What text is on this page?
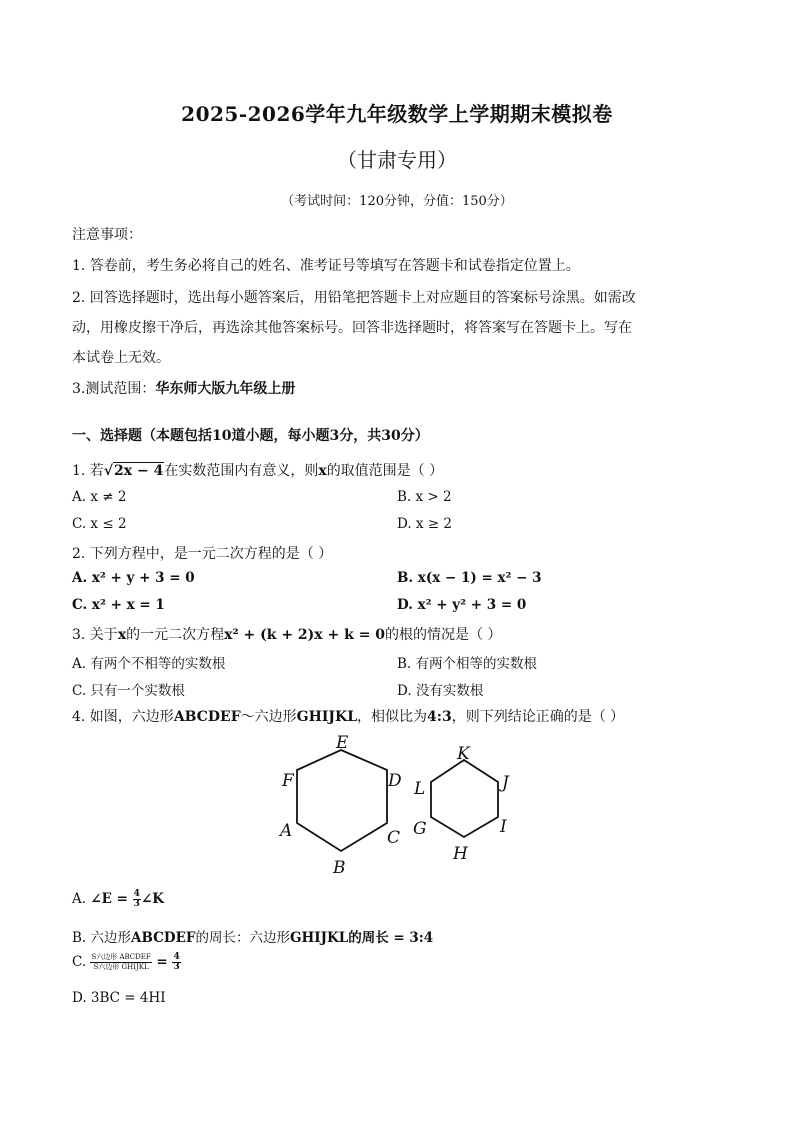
2025-2026学年九年级数学上学期期末模拟卷
（甘肃专用）
（考试时间：120分钟，分值：150分）
注意事项：
1. 答卷前，考生务必将自己的姓名、准考证号等填写在答题卡和试卷指定位置上。
2. 回答选择题时，选出每小题答案后，用铅笔把答题卡上对应题目的答案标号涂黑。如需改
动，用橡皮擦干净后，再选涂其他答案标号。回答非选择题时，将答案写在答题卡上。写在
本试卷上无效。
3.测试范围：华东师大版九年级上册
一、选择题（本题包括10道小题，每小题3分，共30分）
1. 若√2x − 4在实数范围内有意义，则x的取值范围是（ ）
A. x ≠ 2	B. x > 2
C. x ≤ 2	D. x ≥ 2
2. 下列方程中，是一元二次方程的是（ ）
A. x² + y + 3 = 0	B. x(x − 1) = x² − 3
C. x² + x = 1	D. x² + y² + 3 = 0
3. 关于x的一元二次方程x² + (k + 2)x + k = 0的根的情况是（ ）
A. 有两个不相等的实数根	B. 有两个相等的实数根
C. 只有一个实数根	D. 没有实数根
4. 如图，六边形ABCDEF～六边形GHIJKL，相似比为4:3，则下列结论正确的是（ ）
E
D
C
B
A
F
K
J
I
H
G
L
A. ∠E = $\frac{4}{3}$ ∠K
B. 六边形ABCDEF的周长：六边形GHIJKL的周长 = 3:4
C. $\frac{\text{S六边形 ABCDEF}}{\text{S六边形 GHIJKL}} = \frac{4}{3}$
D. 3BC = 4HI
